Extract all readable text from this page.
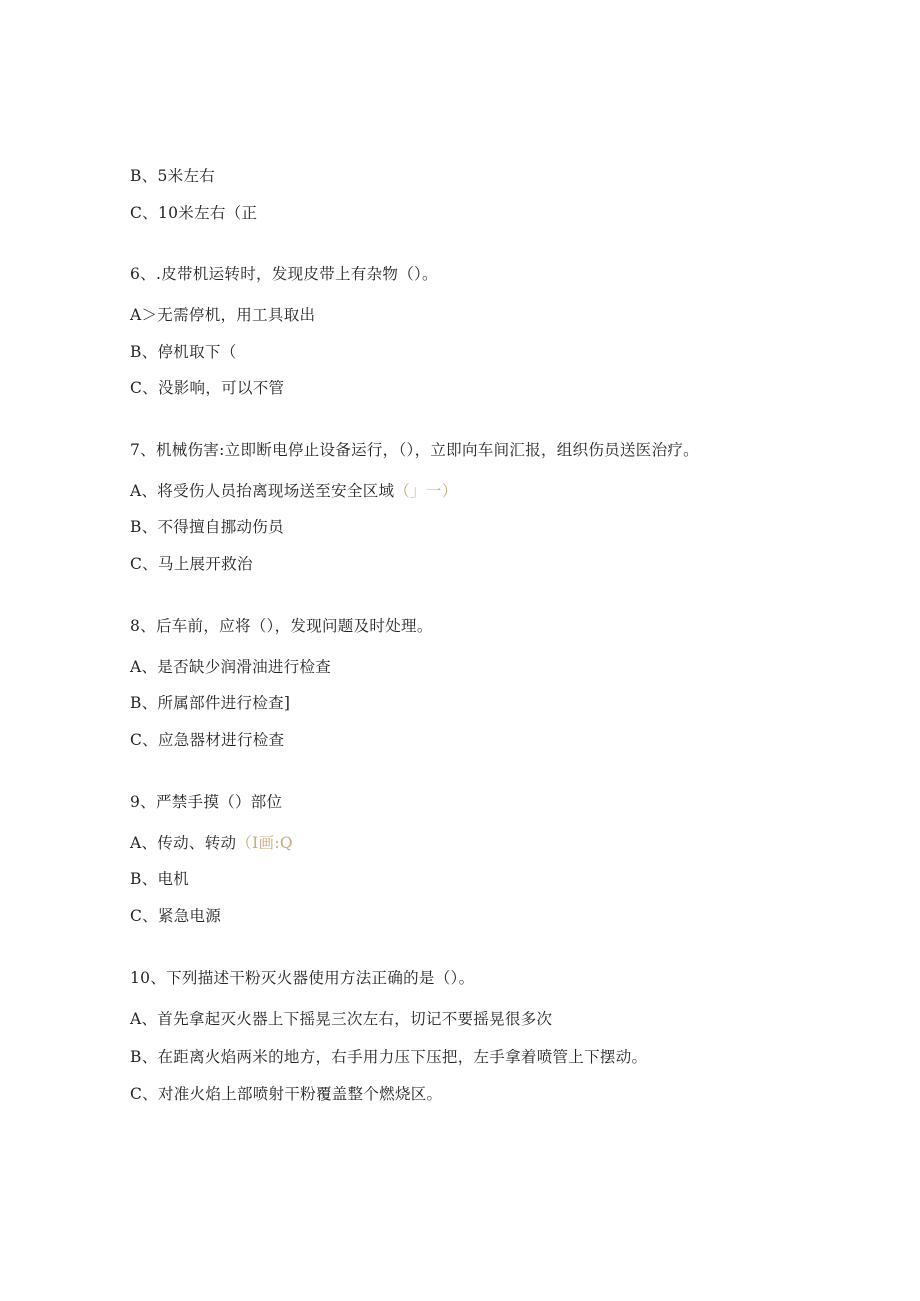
B、5米左右
C、10米左右（正
6、.皮带机运转时，发现皮带上有杂物（）。
A＞无需停机，用工具取出
B、停机取下（
C、没影响，可以不管
7、机械伤害:立即断电停止设备运行，（），立即向车间汇报，组织伤员送医治疗。
A、将受伤人员抬离现场送至安全区域（」一）
B、不得擅自挪动伤员
C、马上展开救治
8、后车前，应将（），发现问题及时处理。
A、是否缺少润滑油进行检查
B、所属部件进行检查]
C、应急器材进行检查
9、严禁手摸（）部位
A、传动、转动（I画:Q
B、电机
C、紧急电源
10、下列描述干粉灭火器使用方法正确的是（）。
A、首先拿起灭火器上下摇晃三次左右，切记不要摇晃很多次
B、在距离火焰两米的地方，右手用力压下压把，左手拿着喷管上下摆动。
C、对准火焰上部喷射干粉覆盖整个燃烧区。
